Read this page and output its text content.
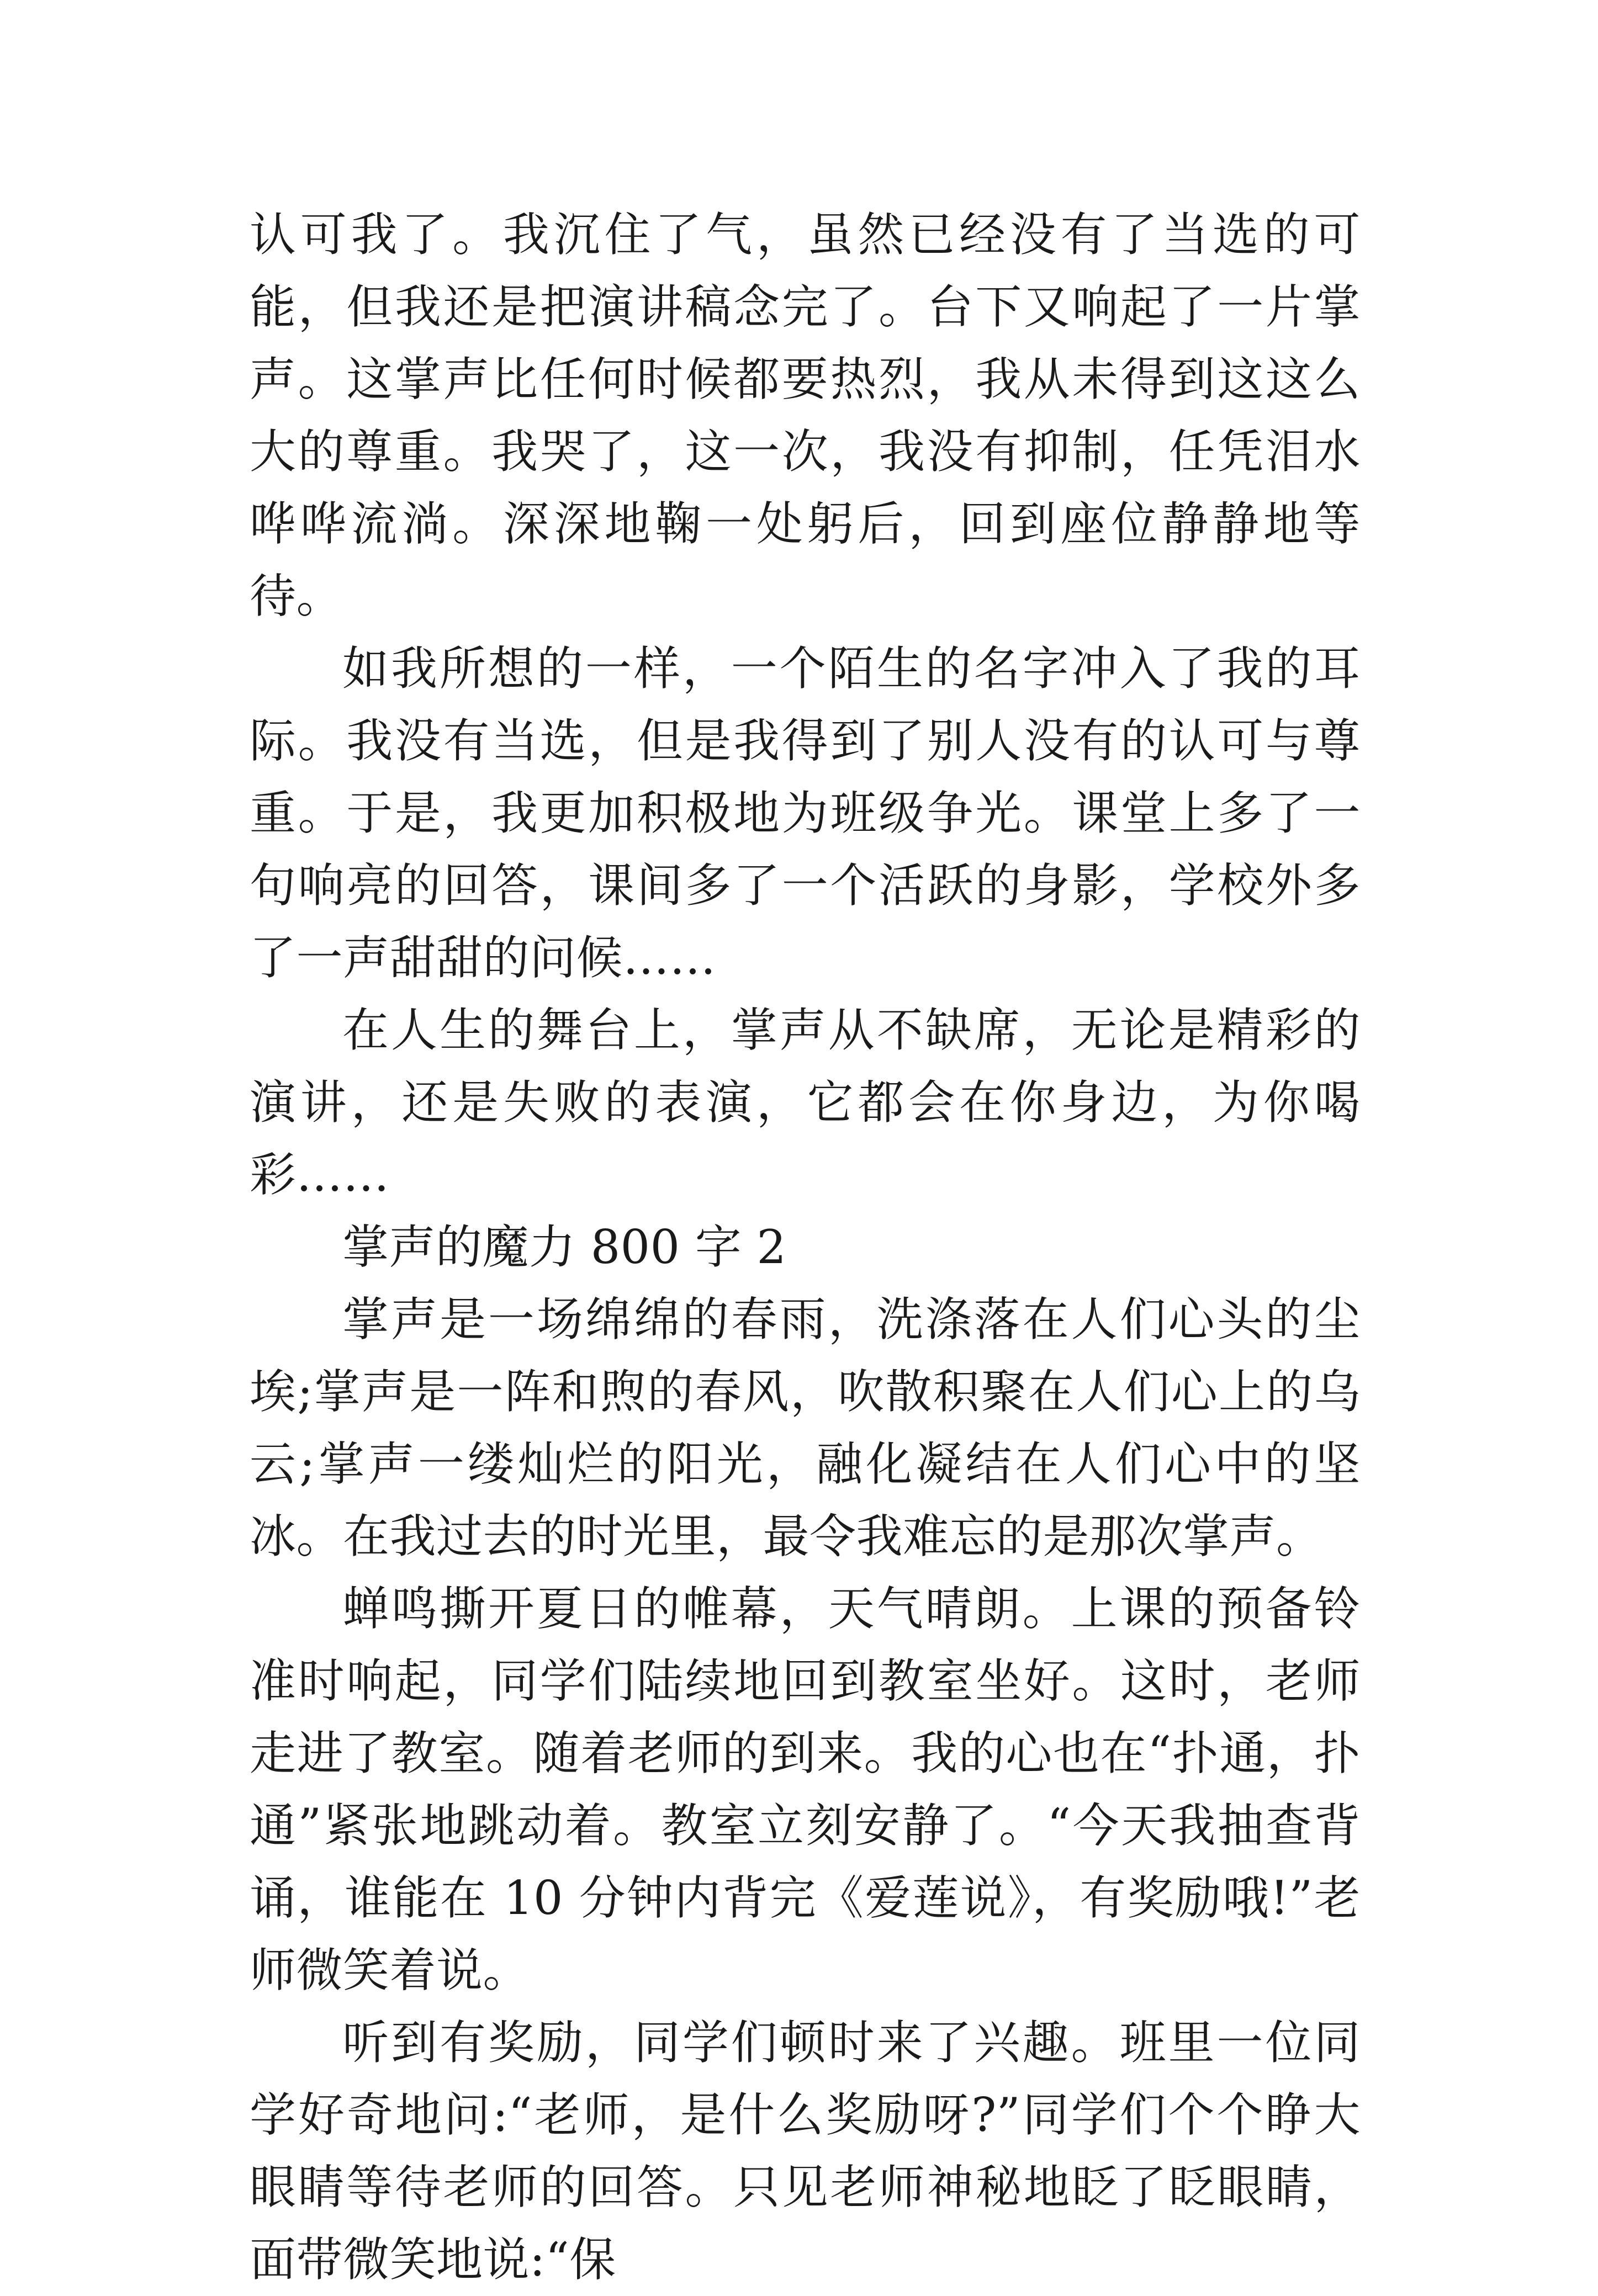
认可我了。我沉住了气，虽然已经没有了当选的可能，但我还是把演讲稿念完了。台下又响起了一片掌声。这掌声比任何时候都要热烈，我从未得到这这么大的尊重。我哭了，这一次，我没有抑制，任凭泪水哗哗流淌。深深地鞠一处躬后，回到座位静静地等待。

如我所想的一样，一个陌生的名字冲入了我的耳际。我没有当选，但是我得到了别人没有的认可与尊重。于是，我更加积极地为班级争光。课堂上多了一句响亮的回答，课间多了一个活跃的身影，学校外多了一声甜甜的问候……

在人生的舞台上，掌声从不缺席，无论是精彩的演讲，还是失败的表演，它都会在你身边，为你喝彩……

掌声的魔力 800 字 2

掌声是一场绵绵的春雨，洗涤落在人们心头的尘埃;掌声是一阵和煦的春风，吹散积聚在人们心上的乌云;掌声一缕灿烂的阳光，融化凝结在人们心中的坚冰。在我过去的时光里，最令我难忘的是那次掌声。

蝉鸣撕开夏日的帷幕，天气晴朗。上课的预备铃准时响起，同学们陆续地回到教室坐好。这时，老师走进了教室。随着老师的到来。我的心也在“扑通，扑通”紧张地跳动着。教室立刻安静了。“今天我抽查背诵，谁能在 10 分钟内背完《爱莲说》，有奖励哦!”老师微笑着说。

听到有奖励，同学们顿时来了兴趣。班里一位同学好奇地问:“老师，是什么奖励呀?”同学们个个睁大眼睛等待老师的回答。只见老师神秘地眨了眨眼睛，面带微笑地说:“保
